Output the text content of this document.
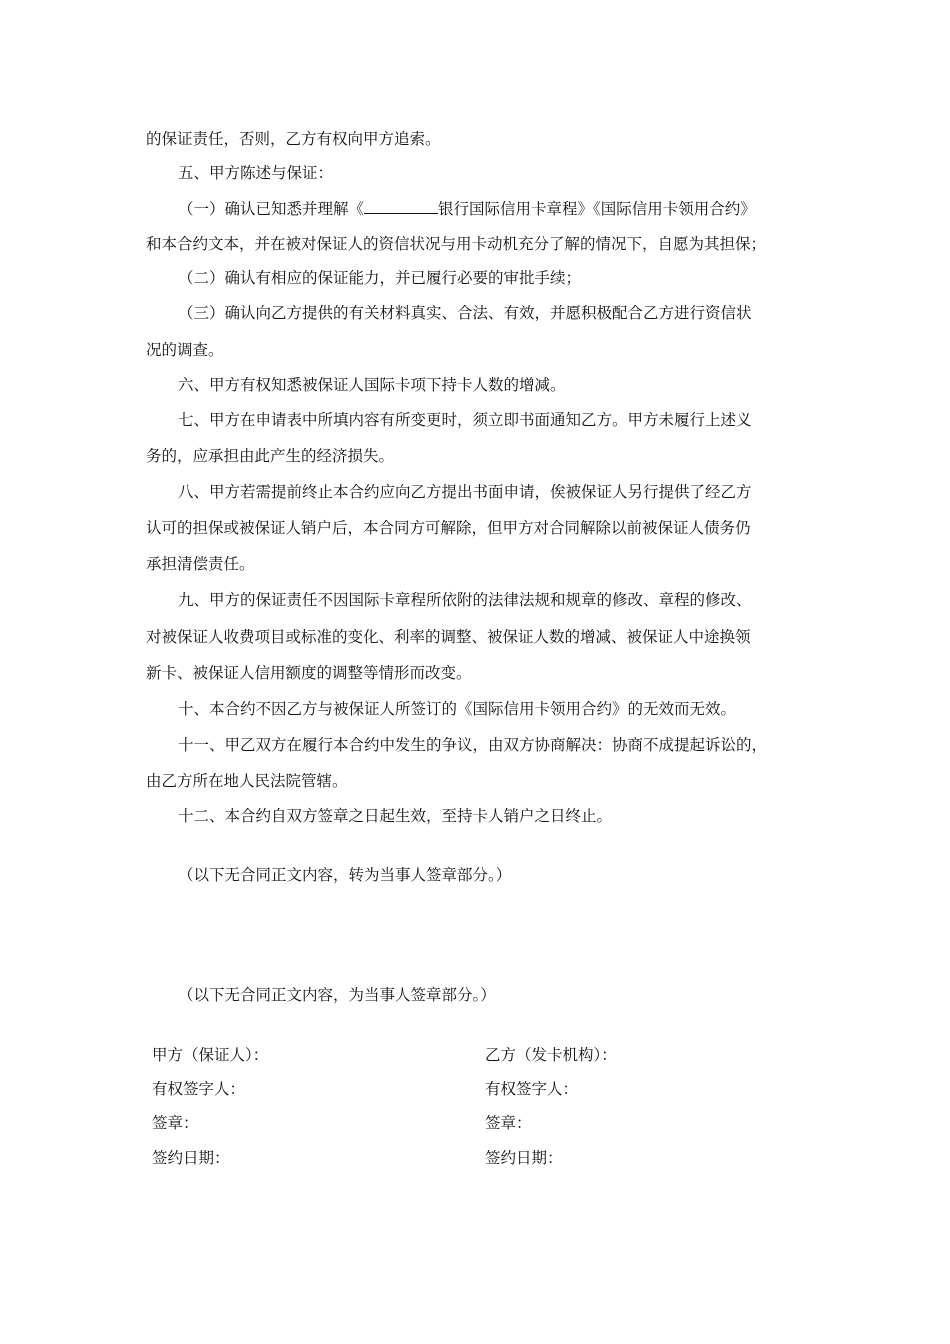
的保证责任，否则，乙方有权向甲方追索。
五、甲方陈述与保证：
（一）确认已知悉并理解《	银行国际信用卡章程》《国际信用卡领用合约》
和本合约文本，并在被对保证人的资信状况与用卡动机充分了解的情况下，自愿为其担保；
（二）确认有相应的保证能力，并已履行必要的审批手续；
（三）确认向乙方提供的有关材料真实、合法、有效，并愿积极配合乙方进行资信状
况的调查。
六、甲方有权知悉被保证人国际卡项下持卡人数的增减。
七、甲方在申请表中所填内容有所变更时，须立即书面通知乙方。甲方未履行上述义
务的，应承担由此产生的经济损失。
八、甲方若需提前终止本合约应向乙方提出书面申请，俟被保证人另行提供了经乙方
认可的担保或被保证人销户后，本合同方可解除，但甲方对合同解除以前被保证人债务仍
承担清偿责任。
九、甲方的保证责任不因国际卡章程所依附的法律法规和规章的修改、章程的修改、
对被保证人收费项目或标准的变化、利率的调整、被保证人数的增减、被保证人中途换领
新卡、被保证人信用额度的调整等情形而改变。
十、本合约不因乙方与被保证人所签订的《国际信用卡领用合约》的无效而无效。
十一、甲乙双方在履行本合约中发生的争议，由双方协商解决：协商不成提起诉讼的，
由乙方所在地人民法院管辖。
十二、本合约自双方签章之日起生效，至持卡人销户之日终止。
（以下无合同正文内容，转为当事人签章部分。）
（以下无合同正文内容，为当事人签章部分。）
甲方（保证人）：	乙方（发卡机构）：
有权签字人：	有权签字人：
签章：	签章：
签约日期：	签约日期：
